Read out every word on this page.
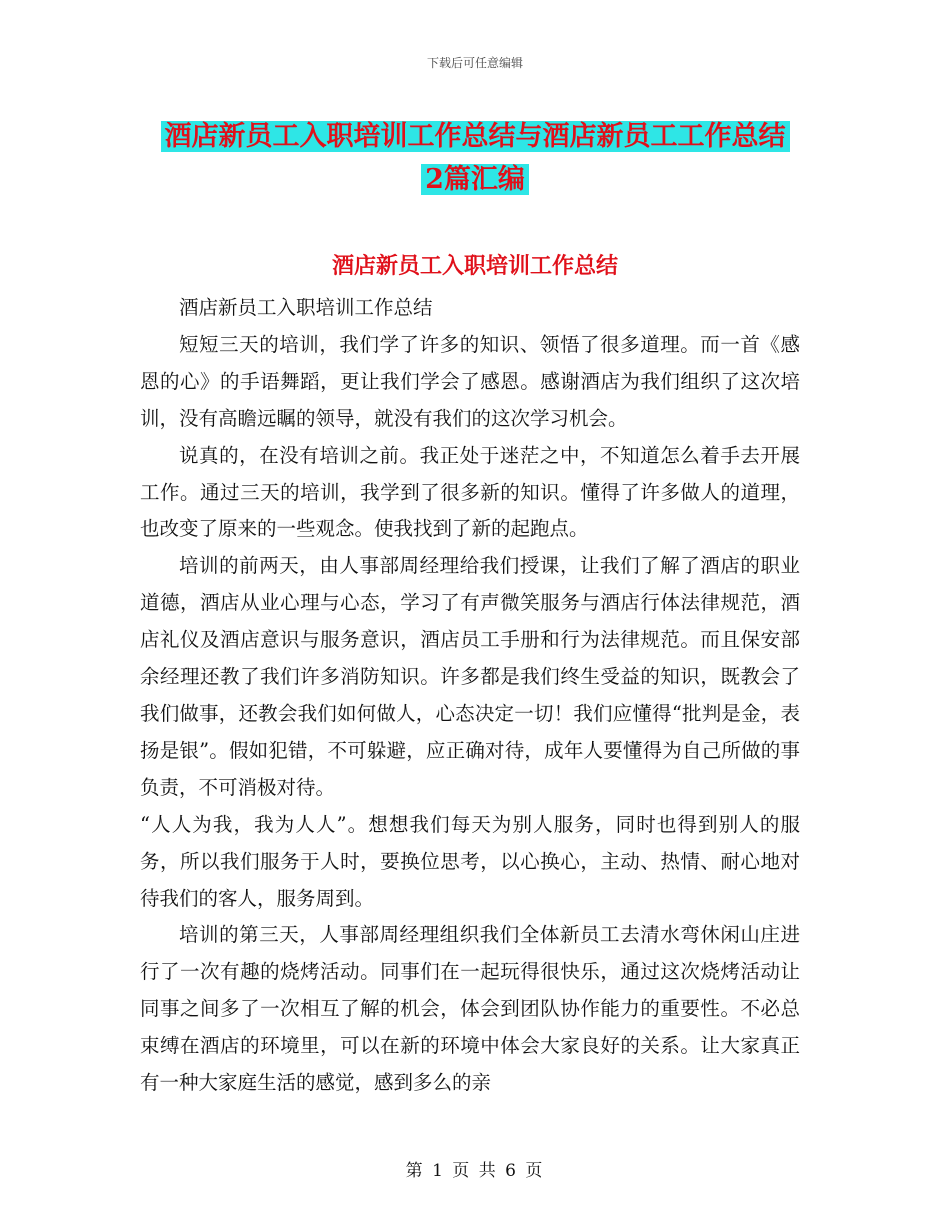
下载后可任意编辑
酒店新员工入职培训工作总结与酒店新员工工作总结
2篇汇编
酒店新员工入职培训工作总结

酒店新员工入职培训工作总结

短短三天的培训，我们学了许多的知识、领悟了很多道理。而一首《感恩的心》的手语舞蹈，更让我们学会了感恩。感谢酒店为我们组织了这次培训，没有高瞻远瞩的领导，就没有我们的这次学习机会。

说真的，在没有培训之前。我正处于迷茫之中，不知道怎么着手去开展工作。通过三天的培训，我学到了很多新的知识。懂得了许多做人的道理，也改变了原来的一些观念。使我找到了新的起跑点。

培训的前两天，由人事部周经理给我们授课，让我们了解了酒店的职业道德，酒店从业心理与心态，学习了有声微笑服务与酒店行体法律规范，酒店礼仪及酒店意识与服务意识，酒店员工手册和行为法律规范。而且保安部余经理还教了我们许多消防知识。许多都是我们终生受益的知识，既教会了我们做事，还教会我们如何做人，心态决定一切！我们应懂得“批判是金，表扬是银”。假如犯错，不可躲避，应正确对待，成年人要懂得为自己所做的事负责，不可消极对待。

“人人为我，我为人人”。想想我们每天为别人服务，同时也得到别人的服务，所以我们服务于人时，要换位思考，以心换心，主动、热情、耐心地对待我们的客人，服务周到。

培训的第三天，人事部周经理组织我们全体新员工去清水弯休闲山庄进行了一次有趣的烧烤活动。同事们在一起玩得很快乐，通过这次烧烤活动让同事之间多了一次相互了解的机会，体会到团队协作能力的重要性。不必总束缚在酒店的环境里，可以在新的环境中体会大家良好的关系。让大家真正有一种大家庭生活的感觉，感到多么的亲

第 1 页 共 6 页
